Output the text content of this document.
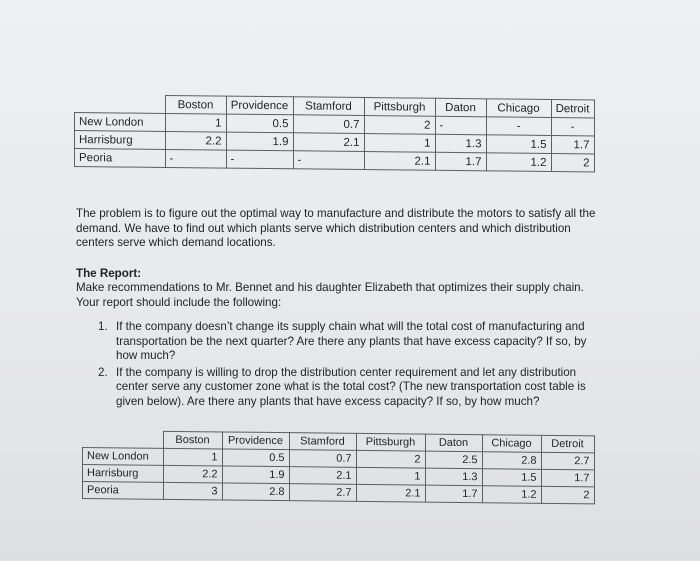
	Boston	Providence	Stamford	Pittsburgh	Daton	Chicago	Detroit
New London	1	0.5	0.7	2	-	-	-
Harrisburg	2.2	1.9	2.1	1	1.3	1.5	1.7
Peoria	-	-	-	2.1	1.7	1.2	2
The problem is to figure out the optimal way to manufacture and distribute the motors to satisfy all the demand. We have to find out which plants serve which distribution centers and which distribution centers serve which demand locations.
The Report:
Make recommendations to Mr. Bennet and his daughter Elizabeth that optimizes their supply chain. Your report should include the following:
1. If the company doesn’t change its supply chain what will the total cost of manufacturing and transportation be the next quarter? Are there any plants that have excess capacity? If so, by how much?
2. If the company is willing to drop the distribution center requirement and let any distribution center serve any customer zone what is the total cost? (The new transportation cost table is given below). Are there any plants that have excess capacity? If so, by how much?
	Boston	Providence	Stamford	Pittsburgh	Daton	Chicago	Detroit
New London	1	0.5	0.7	2	2.5	2.8	2.7
Harrisburg	2.2	1.9	2.1	1	1.3	1.5	1.7
Peoria	3	2.8	2.7	2.1	1.7	1.2	2
